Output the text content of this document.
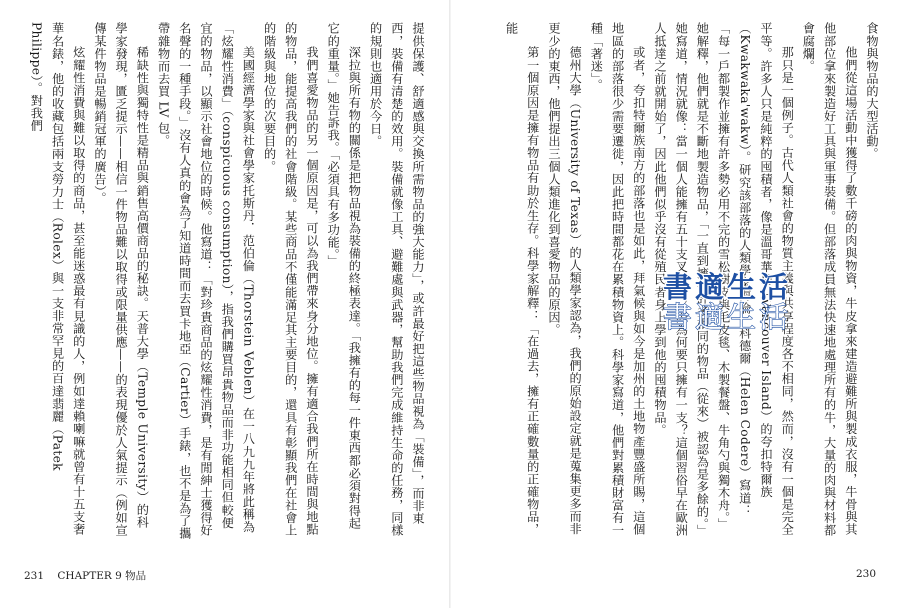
提供保護、舒適感與交換所需物品的強大能力」，或許最好把這些物品視為「裝備」，而非東西，裝備有清楚的效用。裝備就像工具、避難處與武器，幫助我們完成維持生命的任務，同樣的規則也適用於今日。

深拉與所有物的關係是把物品視為裝備的終極表達。「我擁有的每一件東西都必須對得起它的重量。」她告訴我。「必須具有多功能。」

我們喜愛物品的另一個原因是，可以為我們帶來身分地位。擁有適合我們所在時間與地點的物品，能提高我們的社會階級。某些商品不僅能滿足其主要目的，還具有彰顯我們在社會上的階級與地位的次要目的。

美國經濟學家與社會學家托斯丹．范伯倫（Thorstein Veblen）在一八九九年將此稱為「炫耀性消費」（conspicuous consumption），指我們購買昂貴物品而非功能相同但較便宜的物品，以顯示社會地位的時候。他寫道：「對珍貴商品的炫耀性消費，是有閒紳士獲得好名聲的一種手段。」沒有人真的會為了知道時間而去買卡地亞（Cartier）手錶，也不是為了攜帶雜物而去買 LV 包。

稀缺性與獨特性是精品與銷售高價商品的秘訣。天普大學（Temple University）的科學家發現，匱乏提示——相信一件物品難以取得或限量供應——的表現優於人氣提示（例如宣傳某件物品是暢銷冠軍的廣告）。

炫耀性消費與難以取得的商品，甚至能迷惑最有見識的人，例如達賴喇嘛就曾有十五支奢華名錶，他的收藏包括兩支勞力士（Rolex）與一支非常罕見的百達翡麗（Patek Philippe）。對我們

231 CHAPTER 9 物品

食物與物品的大型活動。

他們從這場活動中獲得了數千磅的肉與物資，牛皮拿來建造避難所與製成衣服，牛骨與其他部位拿來製造好工具與軍事裝備。但部落成員無法快速地處理所有的牛，大量的肉與材料都會腐爛。

那只是一個例子。古代人類社會的物質主義與共享程度各不相同，然而，沒有一個是完全平等。許多人只是純粹的囤積者，像是溫哥華島（Vancouver Island）的夸扣特爾族（Kwakwaka'wakw）。研究該部落的人類學家海倫．科德爾（Helen Codere）寫道：「每一戶都製作並擁有許多勢必用不完的雪松樹皮與毛皮毯、木製餐盤、牛角勺與獨木舟。」她解釋，他們就是不斷地製造物品，「一直到擁有許多相同的物品（從來）被認為是多餘的。」她寫道，情況就像：當一個人能擁有五十支叉子時，因為何要只擁有一支？這個習俗早在歐洲人抵達之前就開始了，因此他們似乎沒有從殖民者身上學到他的囤積物品。

或者，夸扣特爾族南方的部落也是如此，拜氣候與如今是加州的土地物產豐盛所賜，這個地區的部落很少需要遷徙，因此把時間都花在累積物資上。科學家寫道，他們對累積財富有一種「著迷」。

德州大學（University of Texas）的人類學家認為，我們的原始設定就是蒐集更多而非更少的東西，他們提出三個人類進化到喜愛物品的原因。

第一個原因是擁有物品有助於生存。科學家解釋：「在過去，擁有正確數量的正確物品，能

230
書適生活
書適生活
